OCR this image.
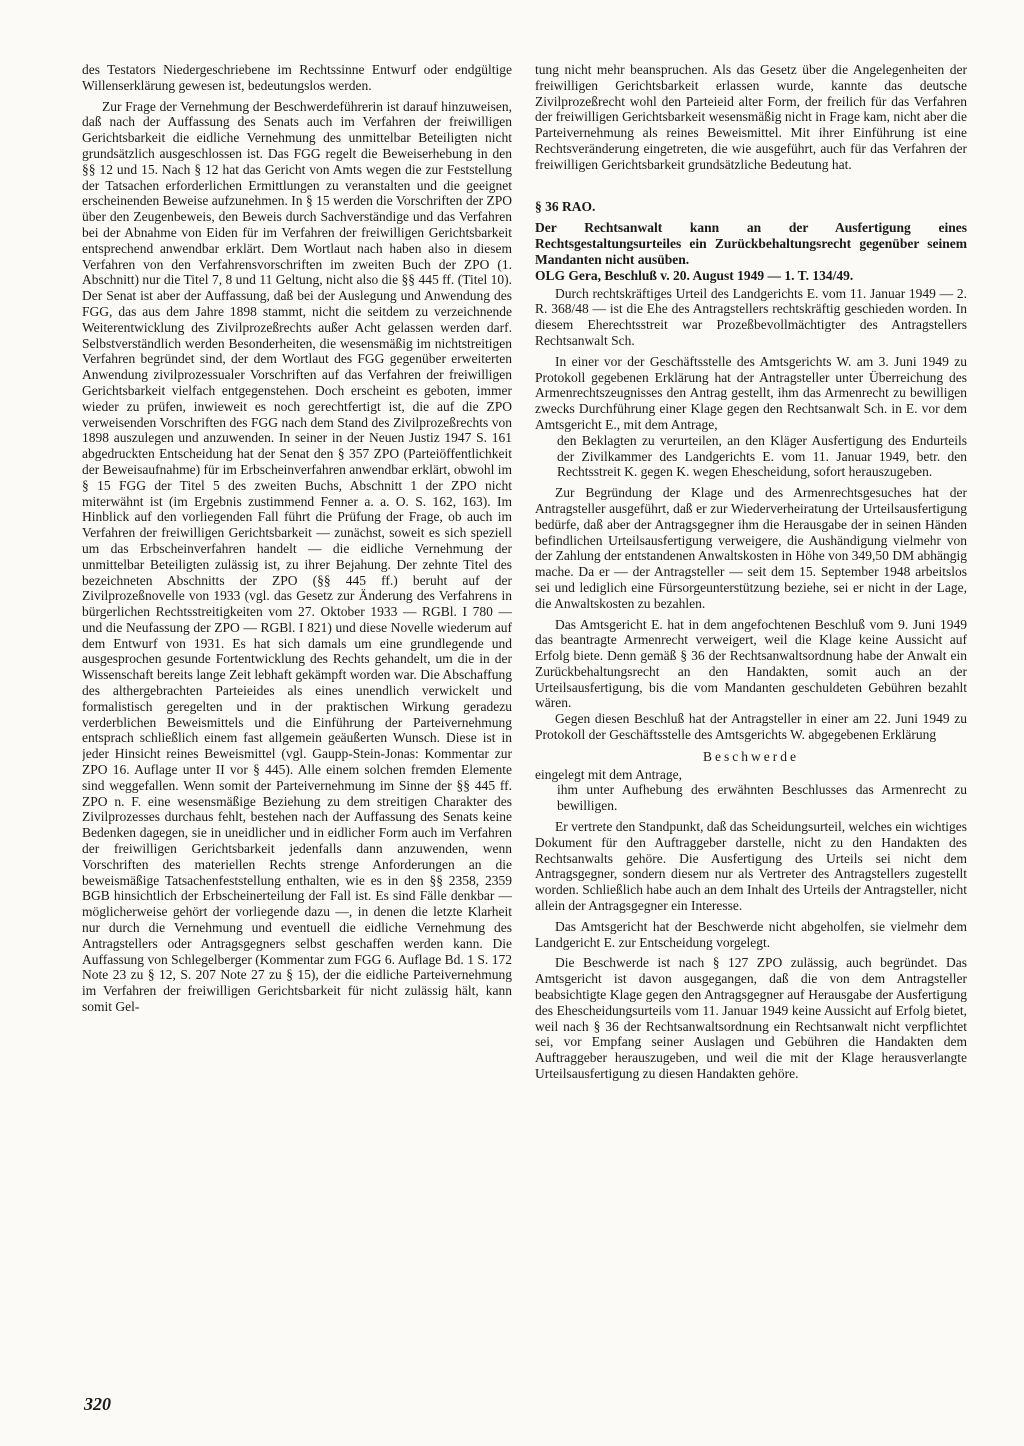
des Testators Niedergeschriebene im Rechtssinne Entwurf oder endgültige Willenserklärung gewesen ist, bedeutungslos werden.

Zur Frage der Vernehmung der Beschwerdeführerin ist darauf hinzuweisen, daß nach der Auffassung des Senats auch im Verfahren der freiwilligen Gerichtsbarkeit die eidliche Vernehmung des unmittelbar Beteiligten nicht grundsätzlich ausgeschlossen ist. Das FGG regelt die Beweiserhebung in den §§ 12 und 15. Nach § 12 hat das Gericht von Amts wegen die zur Feststellung der Tatsachen erforderlichen Ermittlungen zu veranstalten und die geeignet erscheinenden Beweise aufzunehmen. In § 15 werden die Vorschriften der ZPO über den Zeugenbeweis, den Beweis durch Sachverständige und das Verfahren bei der Abnahme von Eiden für im Verfahren der freiwilligen Gerichtsbarkeit entsprechend anwendbar erklärt. Dem Wortlaut nach haben also in diesem Verfahren von den Verfahrensvorschriften im zweiten Buch der ZPO (1. Abschnitt) nur die Titel 7, 8 und 11 Geltung, nicht also die §§ 445 ff. (Titel 10). Der Senat ist aber der Auffassung, daß bei der Auslegung und Anwendung des FGG, das aus dem Jahre 1898 stammt, nicht die seitdem zu verzeichnende Weiterentwicklung des Zivilprozeßrechts außer Acht gelassen werden darf. Selbstverständlich werden Besonderheiten, die wesensmäßig im nichtstreitigen Verfahren begründet sind, der dem Wortlaut des FGG gegenüber erweiterten Anwendung zivilprozessualer Vorschriften auf das Verfahren der freiwilligen Gerichtsbarkeit vielfach entgegenstehen. Doch erscheint es geboten, immer wieder zu prüfen, inwieweit es noch gerechtfertigt ist, die auf die ZPO verweisenden Vorschriften des FGG nach dem Stand des Zivilprozeßrechts von 1898 auszulegen und anzuwenden. In seiner in der Neuen Justiz 1947 S. 161 abgedruckten Entscheidung hat der Senat den § 357 ZPO (Parteiöffentlichkeit der Beweisaufnahme) für im Erbscheinverfahren anwendbar erklärt, obwohl im § 15 FGG der Titel 5 des zweiten Buchs, Abschnitt 1 der ZPO nicht miterwähnt ist (im Ergebnis zustimmend Fenner a. a. O. S. 162, 163). Im Hinblick auf den vorliegenden Fall führt die Prüfung der Frage, ob auch im Verfahren der freiwilligen Gerichtsbarkeit — zunächst, soweit es sich speziell um das Erbscheinverfahren handelt — die eidliche Vernehmung der unmittelbar Beteiligten zulässig ist, zu ihrer Bejahung. Der zehnte Titel des bezeichneten Abschnitts der ZPO (§§ 445 ff.) beruht auf der Zivilprozeßnovelle von 1933 (vgl. das Gesetz zur Änderung des Verfahrens in bürgerlichen Rechtsstreitigkeiten vom 27. Oktober 1933 — RGBl. I 780 — und die Neufassung der ZPO — RGBl. I 821) und diese Novelle wiederum auf dem Entwurf von 1931. Es hat sich damals um eine grundlegende und ausgesprochen gesunde Fortentwicklung des Rechts gehandelt, um die in der Wissenschaft bereits lange Zeit lebhaft gekämpft worden war. Die Abschaffung des althergebrachten Parteieides als eines unendlich verwickelt und formalistisch geregelten und in der praktischen Wirkung geradezu verderblichen Beweismittels und die Einführung der Parteivernehmung entsprach schließlich einem fast allgemein geäußerten Wunsch. Diese ist in jeder Hinsicht reines Beweismittel (vgl. Gaupp-Stein-Jonas: Kommentar zur ZPO 16. Auflage unter II vor § 445). Alle einem solchen fremden Elemente sind weggefallen. Wenn somit der Parteivernehmung im Sinne der §§ 445 ff. ZPO n. F. eine wesensmäßige Beziehung zu dem streitigen Charakter des Zivilprozesses durchaus fehlt, bestehen nach der Auffassung des Senats keine Bedenken dagegen, sie in uneidlicher und in eidlicher Form auch im Verfahren der freiwilligen Gerichtsbarkeit jedenfalls dann anzuwenden, wenn Vorschriften des materiellen Rechts strenge Anforderungen an die beweismäßige Tatsachenfeststellung enthalten, wie es in den §§ 2358, 2359 BGB hinsichtlich der Erbscheinerteilung der Fall ist. Es sind Fälle denkbar — möglicherweise gehört der vorliegende dazu —, in denen die letzte Klarheit nur durch die Vernehmung und eventuell die eidliche Vernehmung des Antragstellers oder Antragsgegners selbst geschaffen werden kann. Die Auffassung von Schlegelberger (Kommentar zum FGG 6. Auflage Bd. 1 S. 172 Note 23 zu § 12, S. 207 Note 27 zu § 15), der die eidliche Parteivernehmung im Verfahren der freiwilligen Gerichtsbarkeit für nicht zulässig hält, kann somit Gel-

tung nicht mehr beanspruchen. Als das Gesetz über die Angelegenheiten der freiwilligen Gerichtsbarkeit erlassen wurde, kannte das deutsche Zivilprozeßrecht wohl den Parteieid alter Form, der freilich für das Verfahren der freiwilligen Gerichtsbarkeit wesensmäßig nicht in Frage kam, nicht aber die Parteivernehmung als reines Beweismittel. Mit ihrer Einführung ist eine Rechtsveränderung eingetreten, die wie ausgeführt, auch für das Verfahren der freiwilligen Gerichtsbarkeit grundsätzliche Bedeutung hat.

§ 36 RAO.

Der Rechtsanwalt kann an der Ausfertigung eines Rechtsgestaltungsurteiles ein Zurückbehaltungsrecht gegenüber seinem Mandanten nicht ausüben.

OLG Gera, Beschluß v. 20. August 1949 — 1. T. 134/49.

Durch rechtskräftiges Urteil des Landgerichts E. vom 11. Januar 1949 — 2. R. 368/48 — ist die Ehe des Antragstellers rechtskräftig geschieden worden. In diesem Eherechtsstreit war Prozeßbevollmächtigter des Antragstellers Rechtsanwalt Sch.

In einer vor der Geschäftsstelle des Amtsgerichts W. am 3. Juni 1949 zu Protokoll gegebenen Erklärung hat der Antragsteller unter Überreichung des Armenrechtszeugnisses den Antrag gestellt, ihm das Armenrecht zu bewilligen zwecks Durchführung einer Klage gegen den Rechtsanwalt Sch. in E. vor dem Amtsgericht E., mit dem Antrage,

den Beklagten zu verurteilen, an den Kläger Ausfertigung des Endurteils der Zivilkammer des Landgerichts E. vom 11. Januar 1949, betr. den Rechtsstreit K. gegen K. wegen Ehescheidung, sofort herauszugeben.

Zur Begründung der Klage und des Armenrechtsgesuches hat der Antragsteller ausgeführt, daß er zur Wiederverheiratung der Urteilsausfertigung bedürfe, daß aber der Antragsgegner ihm die Herausgabe der in seinen Händen befindlichen Urteilsausfertigung verweigere, die Aushändigung vielmehr von der Zahlung der entstandenen Anwaltskosten in Höhe von 349,50 DM abhängig mache. Da er — der Antragsteller — seit dem 15. September 1948 arbeitslos sei und lediglich eine Fürsorgeunterstützung beziehe, sei er nicht in der Lage, die Anwaltskosten zu bezahlen.

Das Amtsgericht E. hat in dem angefochtenen Beschluß vom 9. Juni 1949 das beantragte Armenrecht verweigert, weil die Klage keine Aussicht auf Erfolg biete. Denn gemäß § 36 der Rechtsanwaltsordnung habe der Anwalt ein Zurückbehaltungsrecht an den Handakten, somit auch an der Urteilsausfertigung, bis die vom Mandanten geschuldeten Gebühren bezahlt wären.

Gegen diesen Beschluß hat der Antragsteller in einer am 22. Juni 1949 zu Protokoll der Geschäftsstelle des Amtsgerichts W. abgegebenen Erklärung

Beschwerde

eingelegt mit dem Antrage,

ihm unter Aufhebung des erwähnten Beschlusses das Armenrecht zu bewilligen.

Er vertrete den Standpunkt, daß das Scheidungsurteil, welches ein wichtiges Dokument für den Auftraggeber darstelle, nicht zu den Handakten des Rechtsanwalts gehöre. Die Ausfertigung des Urteils sei nicht dem Antragsgegner, sondern diesem nur als Vertreter des Antragstellers zugestellt worden. Schließlich habe auch an dem Inhalt des Urteils der Antragsteller, nicht allein der Antragsgegner ein Interesse.

Das Amtsgericht hat der Beschwerde nicht abgeholfen, sie vielmehr dem Landgericht E. zur Entscheidung vorgelegt.

Die Beschwerde ist nach § 127 ZPO zulässig, auch begründet. Das Amtsgericht ist davon ausgegangen, daß die von dem Antragsteller beabsichtigte Klage gegen den Antragsgegner auf Herausgabe der Ausfertigung des Ehescheidungsurteils vom 11. Januar 1949 keine Aussicht auf Erfolg bietet, weil nach § 36 der Rechtsanwaltsordnung ein Rechtsanwalt nicht verpflichtet sei, vor Empfang seiner Auslagen und Gebühren die Handakten dem Auftraggeber herauszugeben, und weil die mit der Klage herausverlangte Urteilsausfertigung zu diesen Handakten gehöre.

320
